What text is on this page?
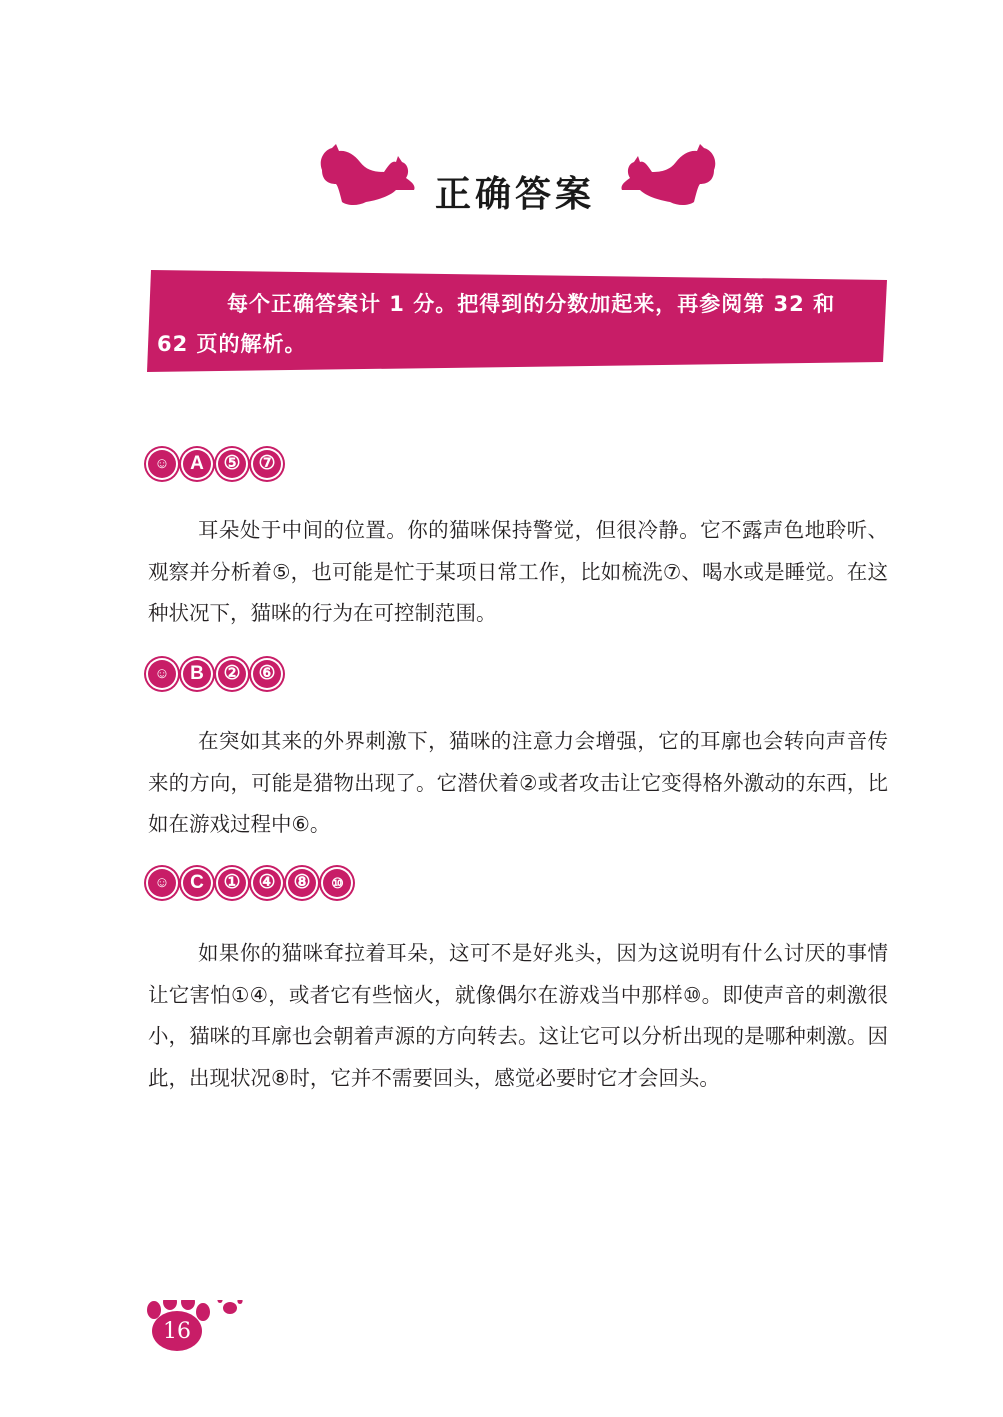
正确答案
每个正确答案计 1 分。把得到的分数加起来，再参阅第 32 和 62 页的解析。
☺	A	⑤ ⑦
耳朵处于中间的位置。你的猫咪保持警觉，但很冷静。它不露声色地聆听、观察并分析着⑤，也可能是忙于某项日常工作，比如梳洗⑦、喝水或是睡觉。在这种状况下，猫咪的行为在可控制范围。
☺	B	② ⑥
在突如其来的外界刺激下，猫咪的注意力会增强，它的耳廓也会转向声音传来的方向，可能是猎物出现了。它潜伏着②或者攻击让它变得格外激动的东西，比如在游戏过程中⑥。
☺	C	① ④ ⑧	⑩
如果你的猫咪耷拉着耳朵，这可不是好兆头，因为这说明有什么讨厌的事情让它害怕①④，或者它有些恼火，就像偶尔在游戏当中那样⑩。即使声音的刺激很小，猫咪的耳廓也会朝着声源的方向转去。这让它可以分析出现的是哪种刺激。因此，出现状况⑧时，它并不需要回头，感觉必要时它才会回头。
16
